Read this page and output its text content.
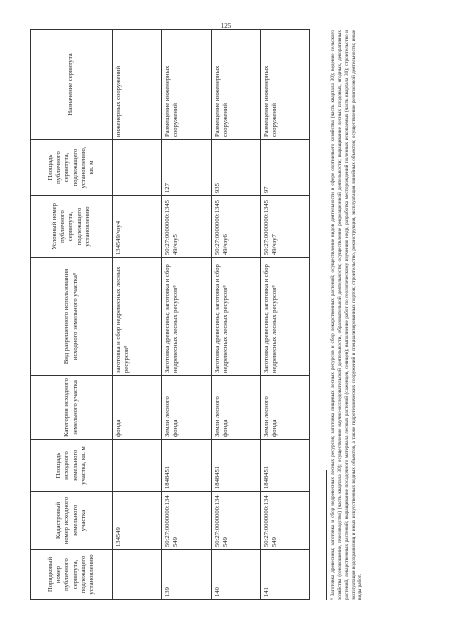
125
Порядковый номер публичного сервитута, подлежащего установлению	Кадастровый номер исходного земельного участка	Площадь исходного земельного участка, кв. м	Категория исходного земельного участка	Вид разрешенного использования исходного земельного участка⁸	Условный номер публичного сервитута, подлежащего установлению	Площадь публичного сервитута, подлежащего установлению, кв. м	Назначение сервитута
	134549		фонда	заготовка и сбор недревесных лесных ресурсов⁸	134549/чзу4		инженерных сооружений
139	50:27:0000000:134549	1848451	Земли лесного фонда	Заготовка древесины; заготовка и сбор недревесных лесных ресурсов⁸	50:27:0000000:134549/чзу5	127	Размещение инженерных сооружений
140	50:27:0000000:134549	1848451	Земли лесного фонда	Заготовка древесины; заготовка и сбор недревесных лесных ресурсов⁸	50:27:0000000:134549/чзу6	935	Размещение инженерных сооружений
141	50:27:0000000:134549	1848451	Земли лесного фонда	Заготовка древесины; заготовка и сбор недревесных лесных ресурсов⁸	50:27:0000000:134549/чзу7	97	Размещение инженерных сооружений	⁸ Заготовка древесины; заготовка и сбор недревесных лесных ресурсов; заготовка пищевых лесных ресурсов и сбор лекарственных растений; осуществление видов деятельности в сфере охотничьего хозяйства (часть квартала 30); ведение сельского хозяйства (сенокошение, пчеловодство) (часть квартала 30); осуществление научно-исследовательской деятельности, образовательной деятельности; осуществление рекреационной деятельности; выращивание лесных плодовых, ягодных, декоративных растений, лекарственных растений; выращивание посадочного материала лесных растений (саженцев, сеянцев); выполнение работ по геологическому изучению недр, разработка месторождений полезных ископаемых (часть квартала 30); строительство и эксплуатация водохранилищ и иных искусственных водных объектов, а также гидротехнических сооружений и специализированных портов; строительство, реконструкция, эксплуатация линейных объектов; осуществление религиозной деятельности; иные виды работ.
